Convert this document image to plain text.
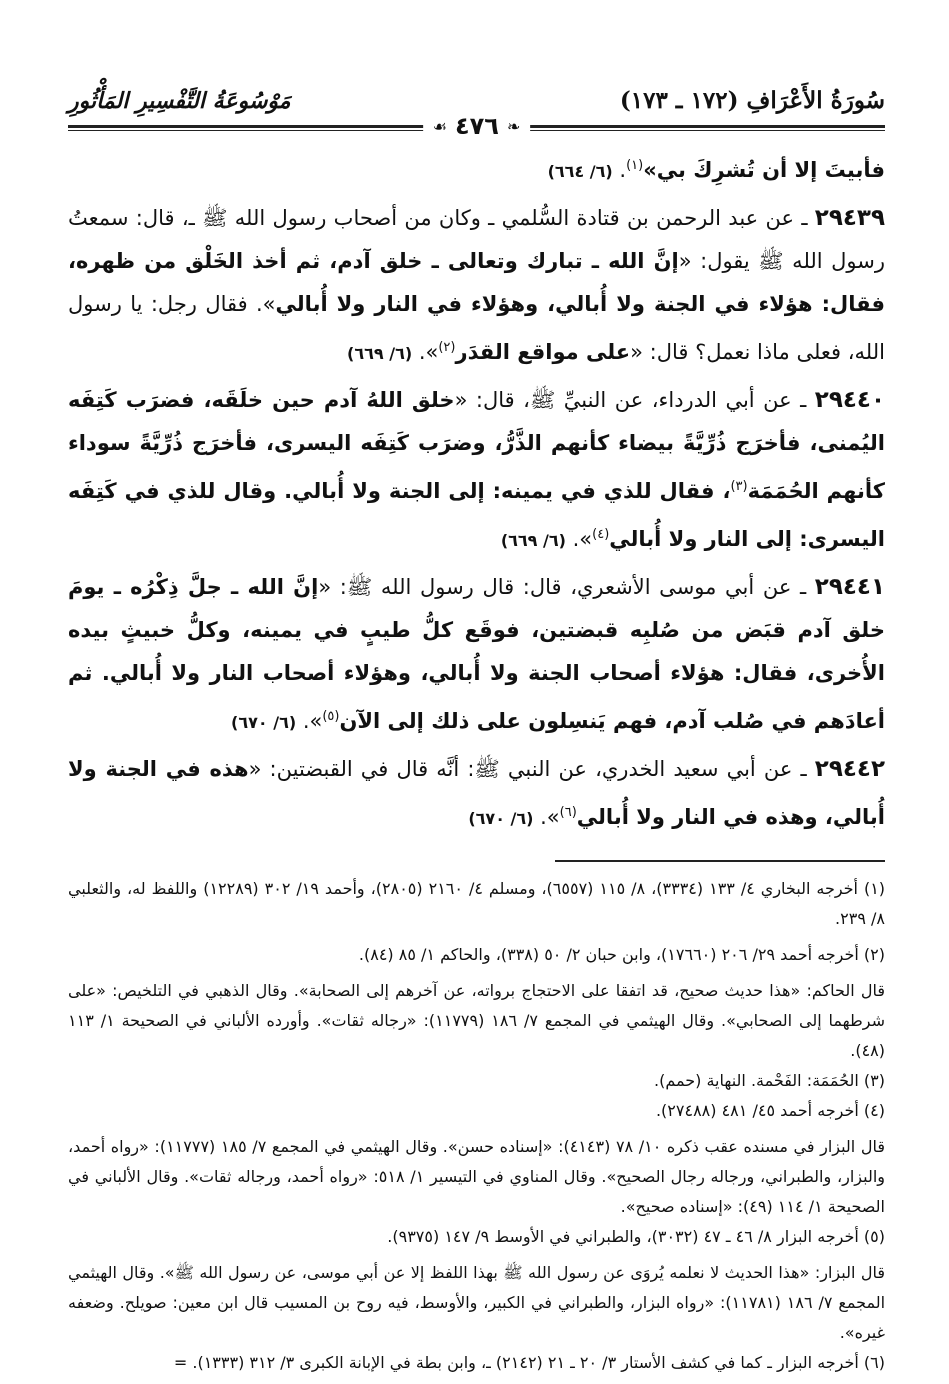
سُورَةُ الأَعْرَافِ (١٧٢ ـ ١٧٣)
مَوْسُوعَةُ التَّفْسِيرِ المَأْثُورِ
❧
٤٧٦
☙

فأبيتَ إلا أن تُشرِكَ بي»$^{(١)}$. (٦/ ٦٦٤)

٢٩٤٣٩ ـ عن عبد الرحمن بن قتادة السُّلمي ـ وكان من أصحاب رسول الله ﷺ ـ، قال: سمعتُ رسول الله ﷺ يقول: «إنَّ الله ـ تبارك وتعالى ـ خلق آدم، ثم أخذ الخَلْق من ظهره، فقال: هؤلاء في الجنة ولا أُبالي، وهؤلاء في النار ولا أُبالي». فقال رجل: يا رسول الله، فعلى ماذا نعمل؟ قال: «على مواقع القدَر$^{(٢)}$». (٦/ ٦٦٩)

٢٩٤٤٠ ـ عن أبي الدرداء، عن النبيِّ ﷺ، قال: «خلق اللهُ آدم حين خلَقَه، فضرَب كَتِفَه اليُمنى، فأخرَج ذُرِّيَّةً بيضاء كأنهم الذَّرُّ، وضرَب كَتِفَه اليسرى، فأخرَج ذُرِّيَّةً سوداء كأنهم الحُمَمَة$^{(٣)}$، فقال للذي في يمينه: إلى الجنة ولا أُبالي. وقال للذي في كَتِفَه اليسرى: إلى النار ولا أُبالي$^{(٤)}$». (٦/ ٦٦٩)

٢٩٤٤١ ـ عن أبي موسى الأشعري، قال: قال رسول الله ﷺ: «إنَّ الله ـ جلَّ ذِكْرُه ـ يومَ خلق آدم قبَض من صُلبِه قبضتين، فوقَع كلُّ طيبٍ في يمينه، وكلُّ خبيثٍ بيده الأُخرى، فقال: هؤلاء أصحاب الجنة ولا أُبالي، وهؤلاء أصحاب النار ولا أُبالي. ثم أعادَهم في صُلب آدم، فهم يَنسِلون على ذلك إلى الآن$^{(٥)}$». (٦/ ٦٧٠)

٢٩٤٤٢ ـ عن أبي سعيد الخدري، عن النبي ﷺ: أنَّه قال في القبضتين: «هذه في الجنة ولا أُبالي، وهذه في النار ولا أُبالي$^{(٦)}$». (٦/ ٦٧٠)

(١) أخرجه البخاري ٤/ ١٣٣ (٣٣٣٤)، ٨/ ١١٥ (٦٥٥٧)، ومسلم ٤/ ٢١٦٠ (٢٨٠٥)، وأحمد ١٩/ ٣٠٢ (١٢٢٨٩) واللفظ له، والثعلبي ٨/ ٢٣٩.

(٢) أخرجه أحمد ٢٩/ ٢٠٦ (١٧٦٦٠)، وابن حبان ٢/ ٥٠ (٣٣٨)، والحاكم ١/ ٨٥ (٨٤).

قال الحاكم: «هذا حديث صحيح، قد اتفقا على الاحتجاج برواته، عن آخرهم إلى الصحابة». وقال الذهبي في التلخيص: «على شرطهما إلى الصحابي». وقال الهيثمي في المجمع ٧/ ١٨٦ (١١٧٧٩): «رجاله ثقات». وأورده الألباني في الصحيحة ١/ ١١٣ (٤٨).

(٣) الحُمَمَة: الفَحْمة. النهاية (حمم).

(٤) أخرجه أحمد ٤٥/ ٤٨١ (٢٧٤٨٨).

قال البزار في مسنده عقب ذكره ١٠/ ٧٨ (٤١٤٣): «إسناده حسن». وقال الهيثمي في المجمع ٧/ ١٨٥ (١١٧٧٧): «رواه أحمد، والبزار، والطبراني، ورجاله رجال الصحيح». وقال المناوي في التيسير ١/ ٥١٨: «رواه أحمد، ورجاله ثقات». وقال الألباني في الصحيحة ١/ ١١٤ (٤٩): «إسناده صحيح».

(٥) أخرجه البزار ٨/ ٤٦ ـ ٤٧ (٣٠٣٢)، والطبراني في الأوسط ٩/ ١٤٧ (٩٣٧٥).

قال البزار: «هذا الحديث لا نعلمه يُروَى عن رسول الله ﷺ بهذا اللفظ إلا عن أبي موسى، عن رسول الله ﷺ». وقال الهيثمي المجمع ٧/ ١٨٦ (١١٧٨١): «رواه البزار، والطبراني في الكبير، والأوسط، فيه روح بن المسيب قال ابن معين: صويلح. وضعفه غيره».

(٦) أخرجه البزار ـ كما في كشف الأستار ٣/ ٢٠ ـ ٢١ (٢١٤٢) ـ، وابن بطة في الإبانة الكبرى ٣/ ٣١٢ (١٣٣٣). =
